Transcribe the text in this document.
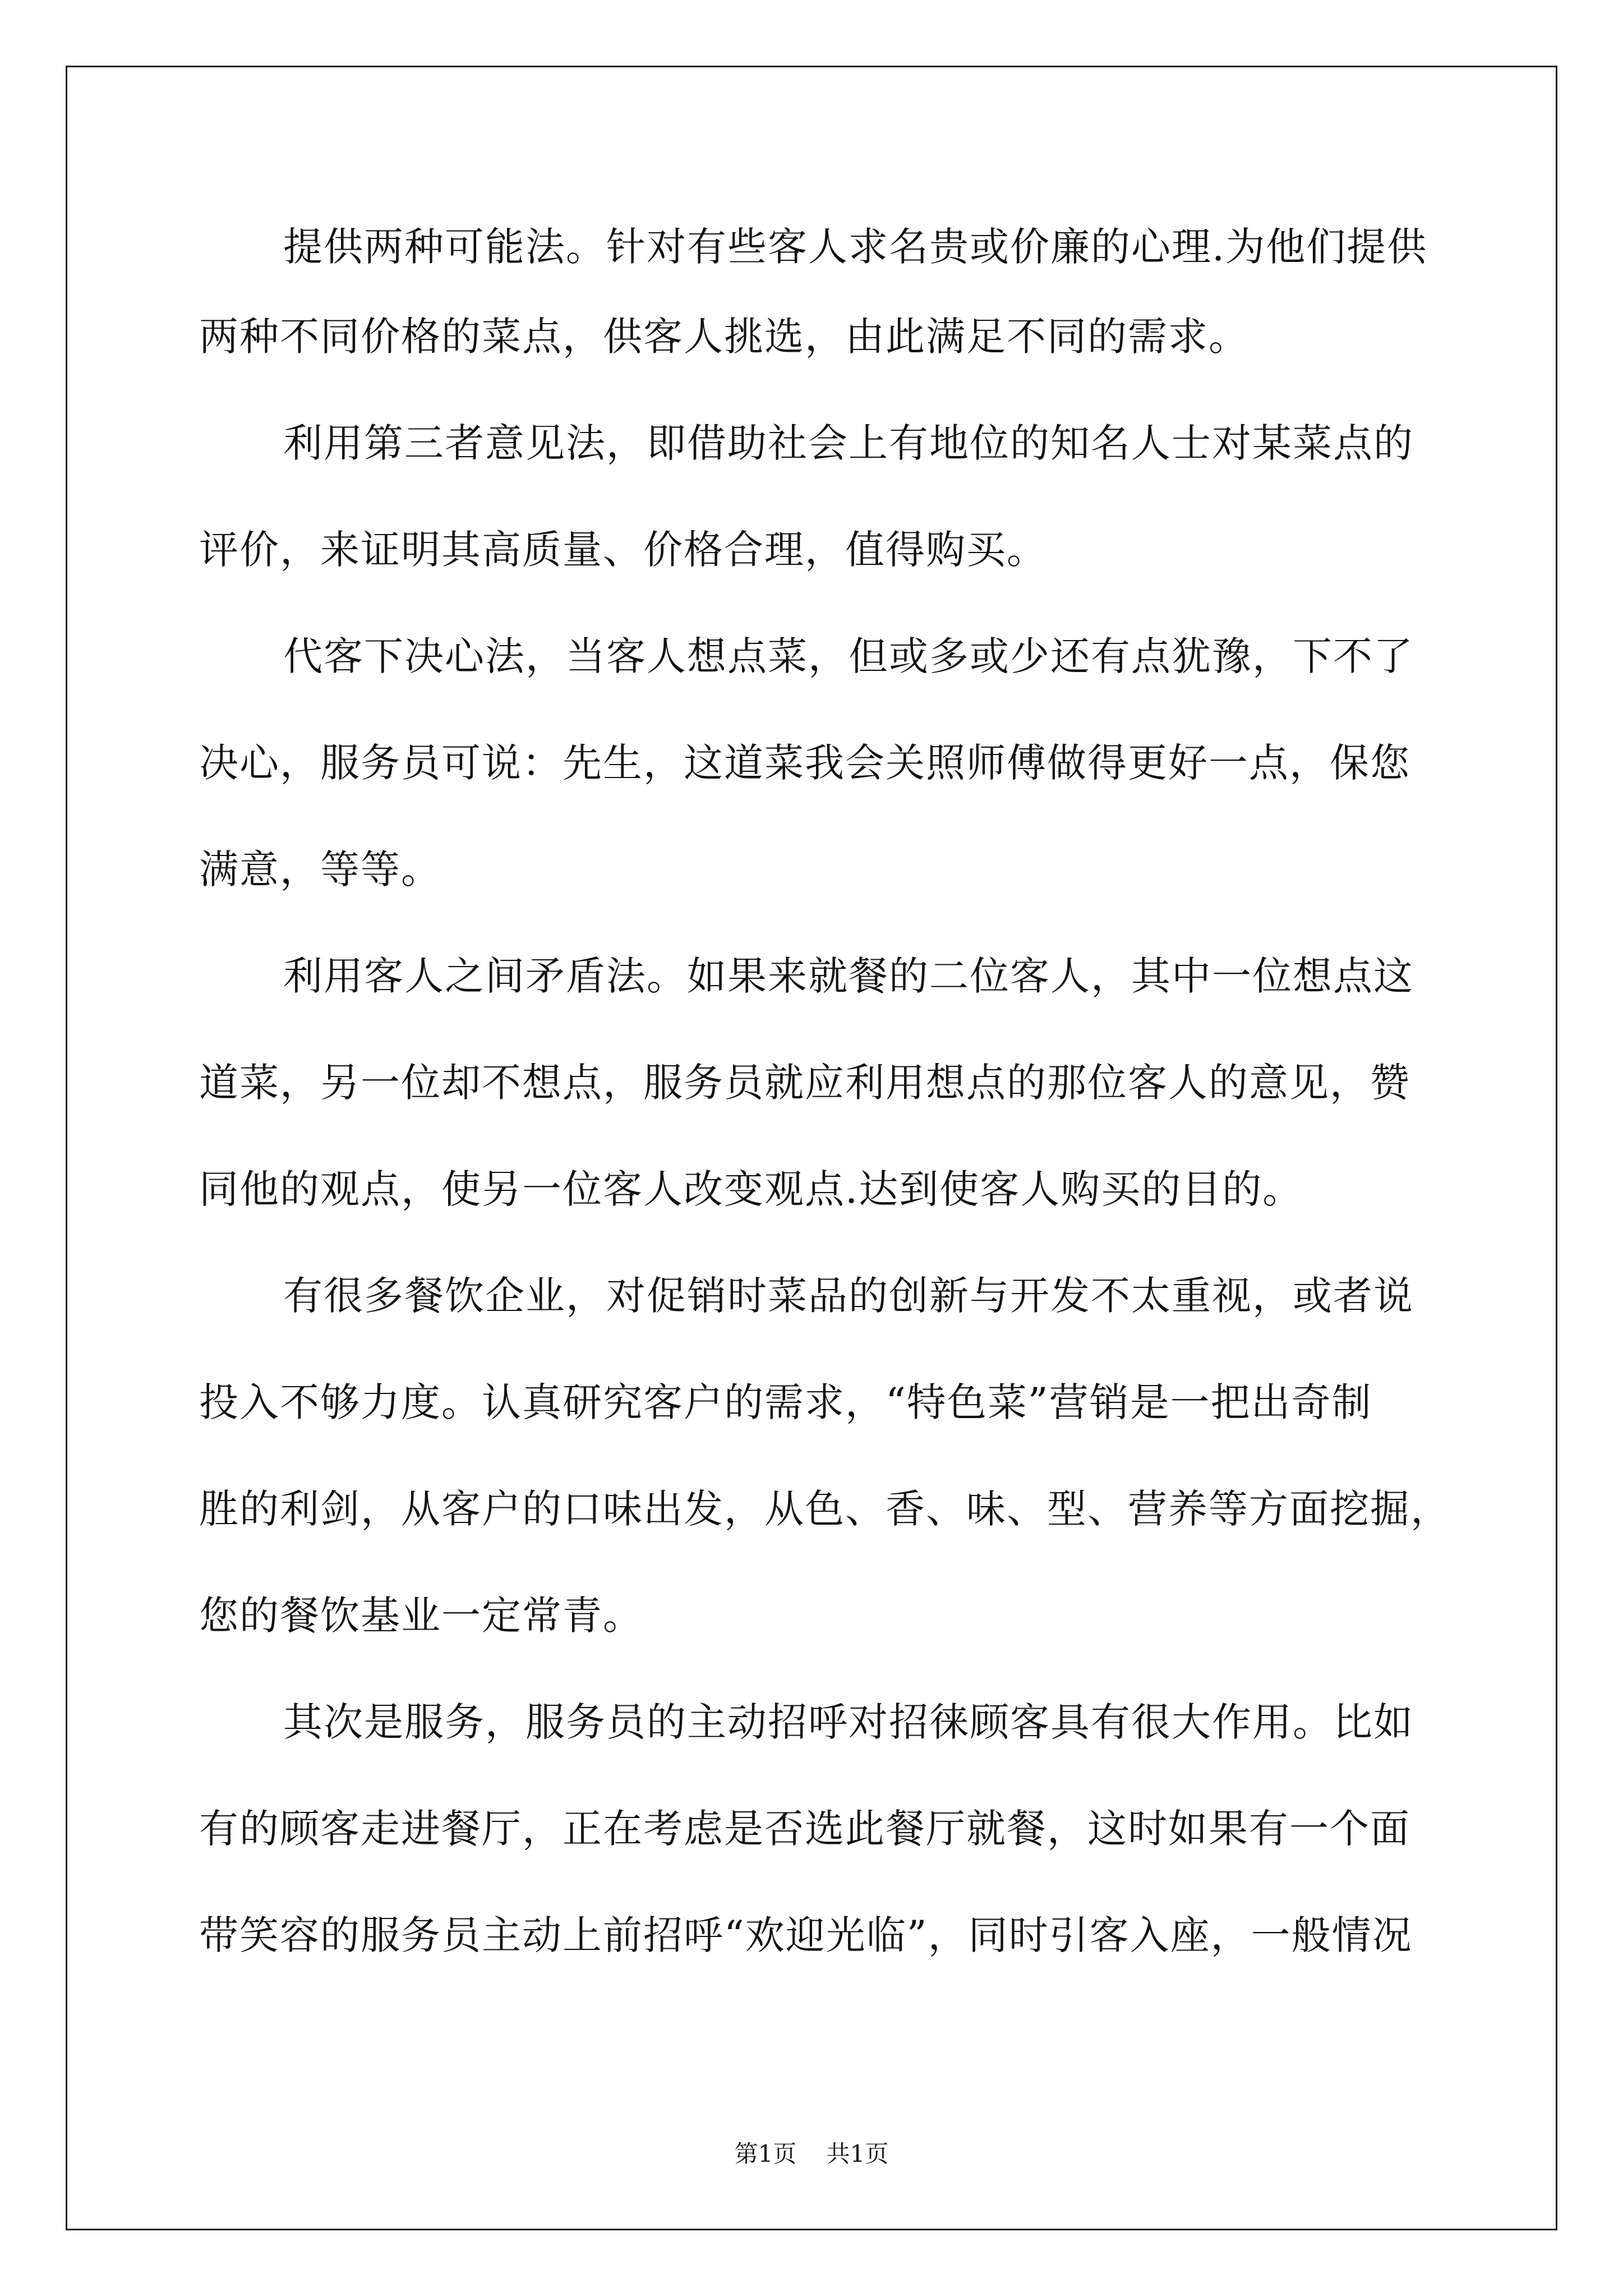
提供两种可能法。针对有些客人求名贵或价廉的心理.为他们提供
两种不同价格的菜点，供客人挑选，由此满足不同的需求。
利用第三者意见法，即借助社会上有地位的知名人士对某菜点的
评价，来证明其高质量、价格合理，值得购买。
代客下决心法，当客人想点菜，但或多或少还有点犹豫，下不了
决心，服务员可说：先生，这道菜我会关照师傅做得更好一点，保您
满意，等等。
利用客人之间矛盾法。如果来就餐的二位客人，其中一位想点这
道菜，另一位却不想点，服务员就应利用想点的那位客人的意见，赞
同他的观点，使另一位客人改变观点.达到使客人购买的目的。
有很多餐饮企业，对促销时菜品的创新与开发不太重视，或者说
投入不够力度。认真研究客户的需求，“特色菜”营销是一把出奇制
胜的利剑，从客户的口味出发，从色、香、味、型、营养等方面挖掘，
您的餐饮基业一定常青。
其次是服务，服务员的主动招呼对招徕顾客具有很大作用。比如
有的顾客走进餐厅，正在考虑是否选此餐厅就餐，这时如果有一个面
带笑容的服务员主动上前招呼“欢迎光临”，同时引客入座，一般情况
第1页 共1页
